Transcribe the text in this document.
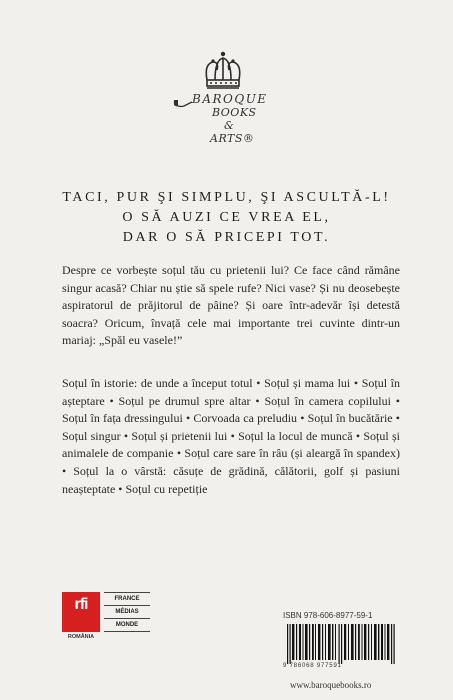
BAROQUE
BOOKS
&
ARTS®
TACI, PUR ŞI SIMPLU, ŞI ASCULTĂ-L!
O SĂ AUZI CE VREA EL,
DAR O SĂ PRICEPI TOT.
Despre ce vorbește soțul tău cu prietenii lui? Ce face când rămâne singur acasă? Chiar nu știe să spele rufe? Nici vase? Și nu deosebește aspiratorul de prăjitorul de pâine? Și oare într-adevăr își detestă soacra? Oricum, învață cele mai importante trei cuvinte dintr-un mariaj: „Spăl eu vasele!”
Soțul în istorie: de unde a început totul • Soțul și mama lui • Soțul în așteptare • Soțul pe drumul spre altar • Soțul în camera copilului • Soțul în fața dressingului • Corvoada ca preludiu • Soțul în bucătărie • Soțul singur • Soțul și prietenii lui • Soțul la locul de muncă • Soțul și animalele de companie • Soțul care sare în râu (și aleargă în spandex) • Soțul la o vârstă: căsuțe de grădină, călătorii, golf și pasiuni neașteptate • Soțul cu repetiție
rfi
ROMÂNIA
FRANCE
MÉDIAS
MONDE
ISBN 978-606-8977-59-1
9 786068 977591
www.baroquebooks.ro
